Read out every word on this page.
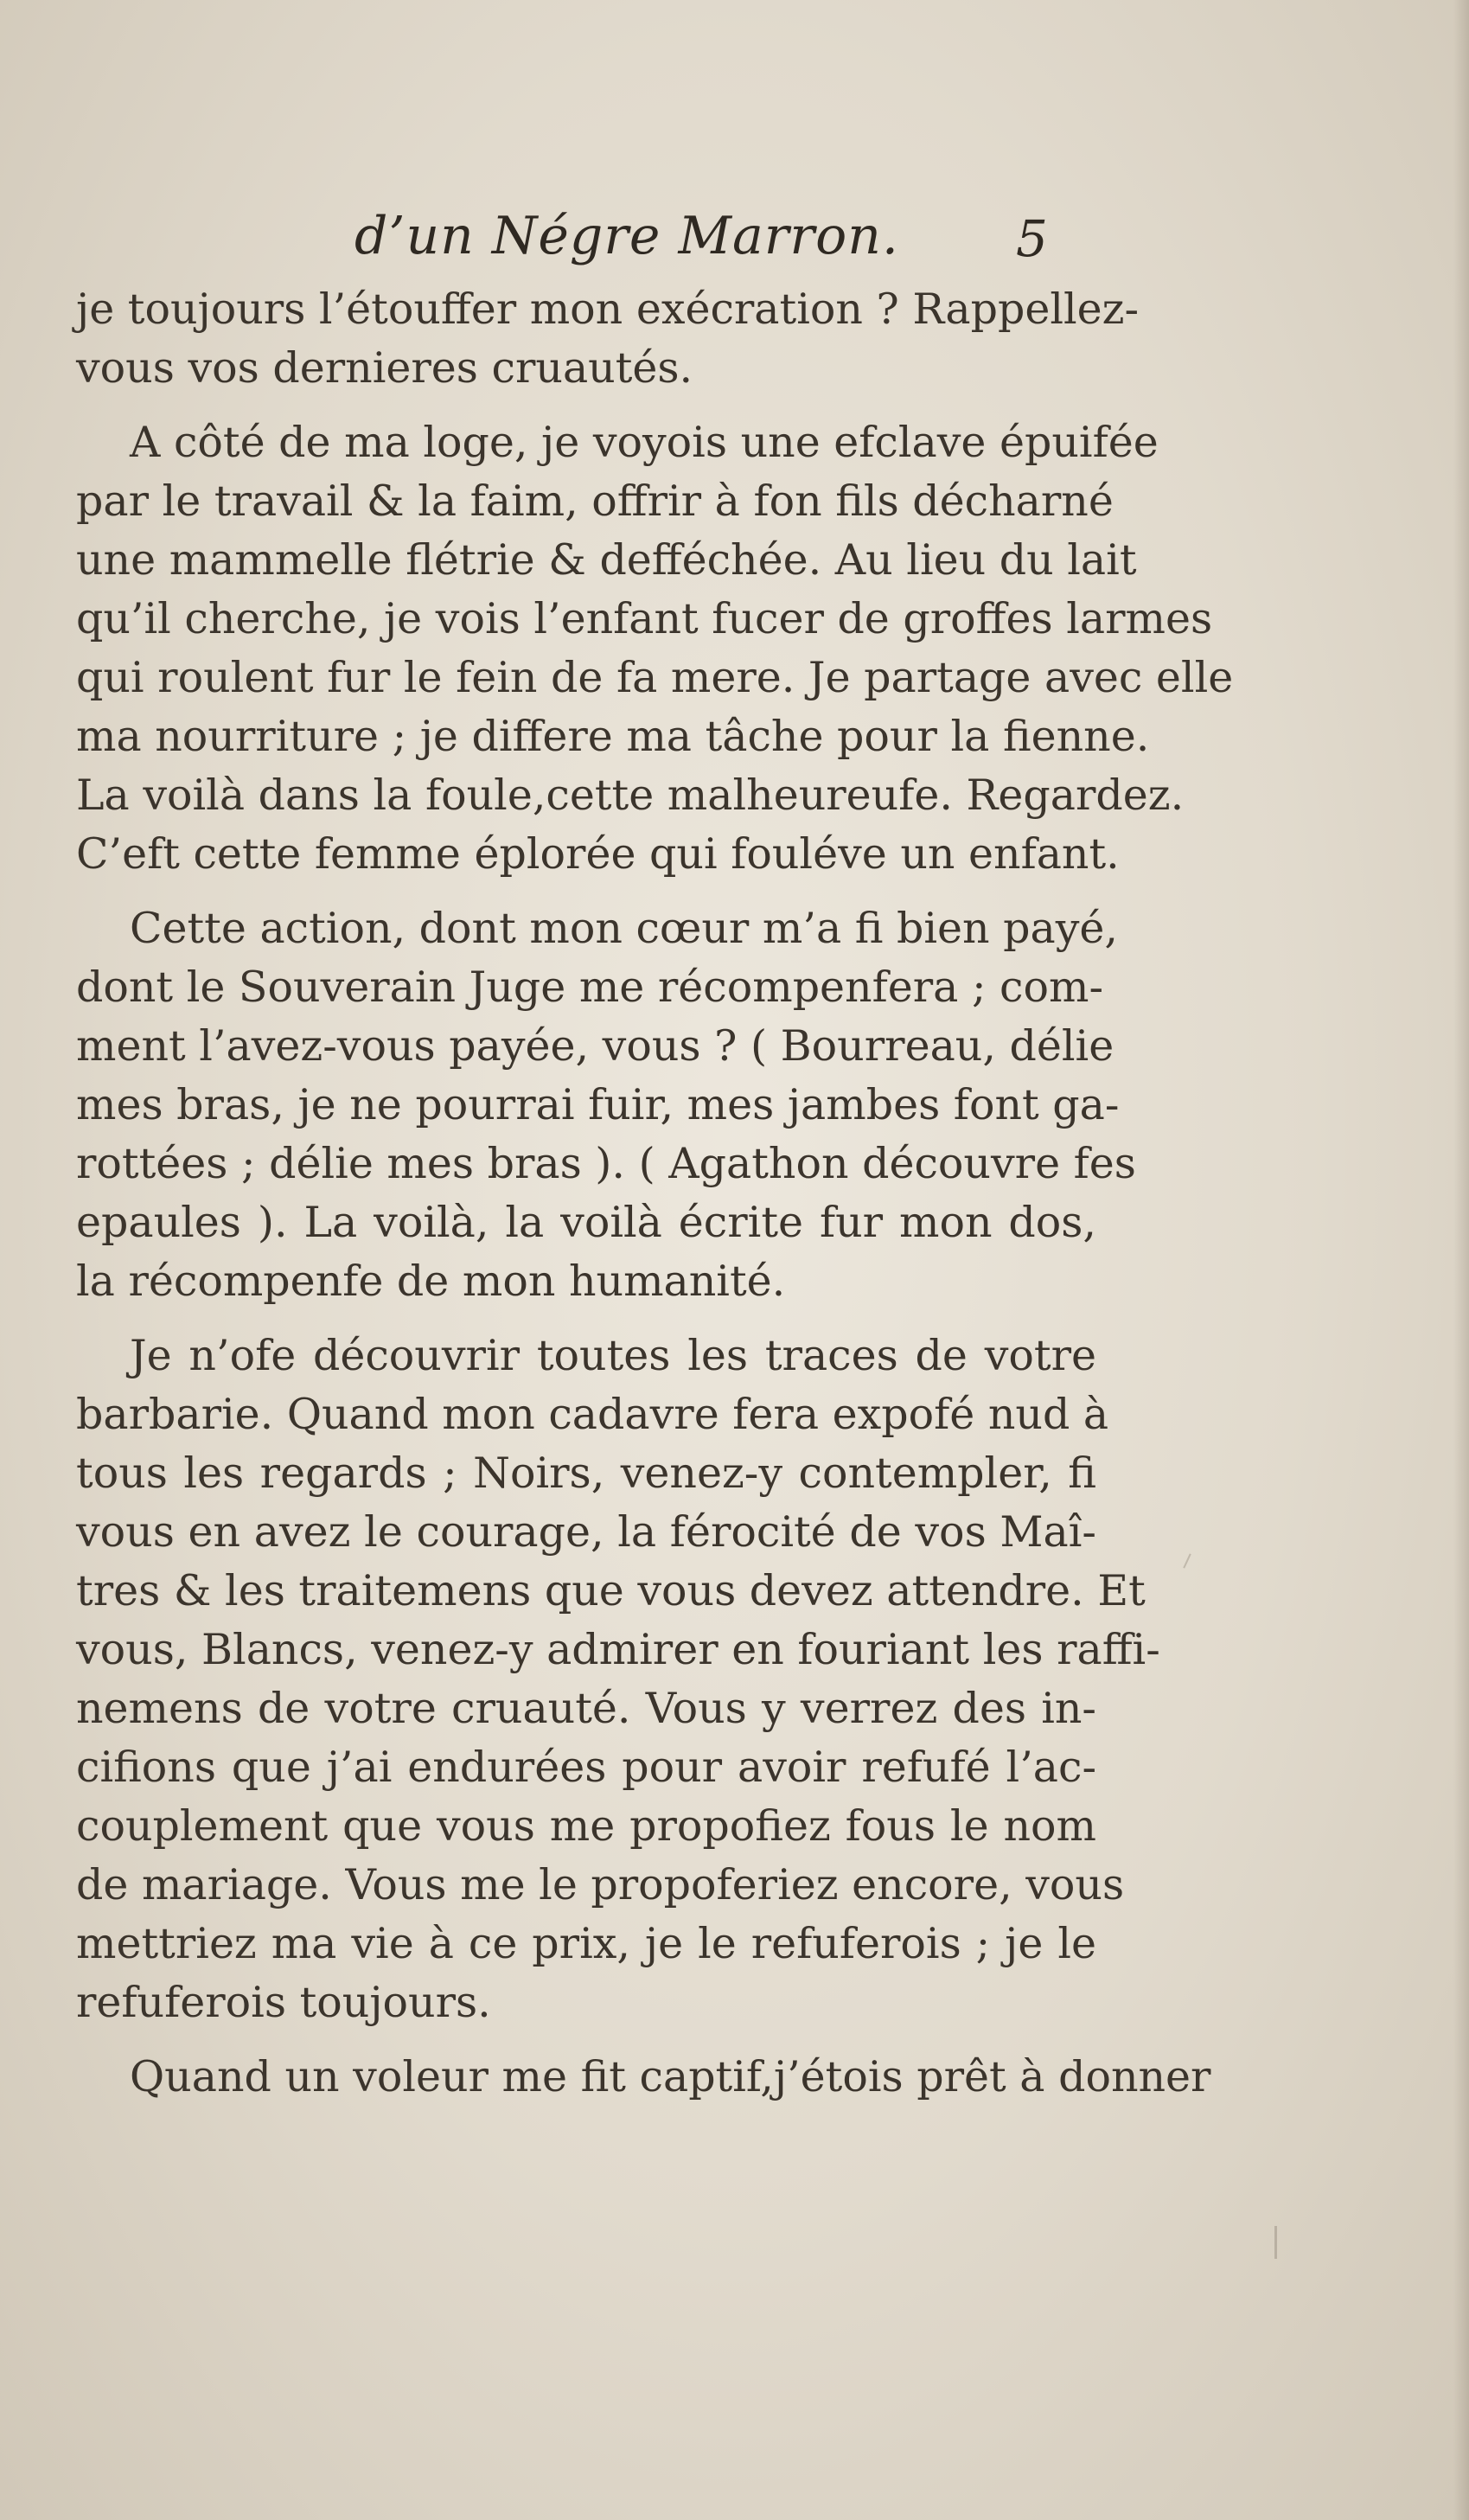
d’un Négre Marron. 5

je toujours l’étouffer mon exécration ? Rappellez-
vous vos dernieres cruautés.

A côté de ma loge, je voyois une efclave épuifée
par le travail & la faim, offrir à fon fils décharné
une mammelle flétrie & defféchée. Au lieu du lait
qu’il cherche, je vois l’enfant fucer de groffes larmes
qui roulent fur le fein de fa mere. Je partage avec elle
ma nourriture ; je differe ma tâche pour la fienne.
La voilà dans la foule,cette malheureufe. Regardez.
C’eft cette femme éplorée qui fouléve un enfant.

Cette action, dont mon cœur m’a fi bien payé,
dont le Souverain Juge me récompenfera ; com-
ment l’avez-vous payée, vous ? ( Bourreau, délie
mes bras, je ne pourrai fuir, mes jambes font ga-
rottées ; délie mes bras ). ( Agathon découvre fes
epaules ). La voilà, la voilà écrite fur mon dos,
la récompenfe de mon humanité.

Je n’ofe découvrir toutes les traces de votre
barbarie. Quand mon cadavre fera expofé nud à
tous les regards ; Noirs, venez-y contempler, fi
vous en avez le courage, la férocité de vos Maî-
tres & les traitemens que vous devez attendre. Et
vous, Blancs, venez-y admirer en fouriant les raffi-
nemens de votre cruauté. Vous y verrez des in-
cifions que j’ai endurées pour avoir refufé l’ac-
couplement que vous me propofiez fous le nom
de mariage. Vous me le propoferiez encore, vous
mettriez ma vie à ce prix, je le refuferois ; je le
refuferois toujours.

Quand un voleur me fit captif,j’étois prêt à donner
